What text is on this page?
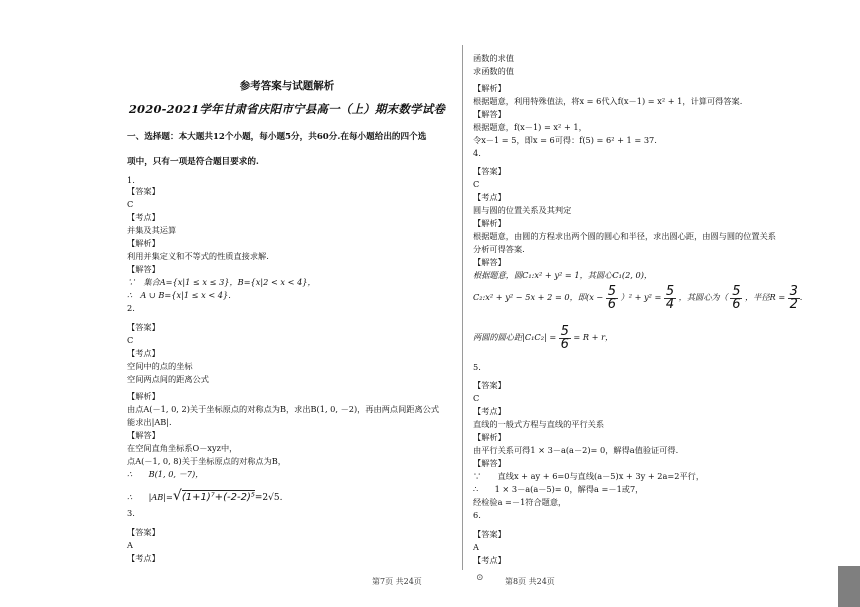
参考答案与试题解析
2020-2021学年甘肃省庆阳市宁县高一（上）期末数学试卷
一、选择题：本大题共12个小题，每小题5分，共60分.在每小题给出的四个选
项中，只有一项是符合题目要求的.
1.
【答案】
C
【考点】
并集及其运算
【解析】
利用并集定义和不等式的性质直接求解.
【解答】
∵　集合A={x|1 ≤ x ≤ 3}，B={x|2 < x < 4}，
∴　A ∪ B={x|1 ≤ x < 4}.
2.
【答案】
C
【考点】
空间中的点的坐标
空间两点间的距离公式
【解析】
由点A(－1, 0, 2)关于坐标原点的对称点为B，求出B(1, 0, －2)，再由两点间距离公式
能求出|AB|.
【解答】
在空间直角坐标系O－xyz中，
点A(－1, 0, 8)关于坐标原点的对称点为B，
∴　　B(1, 0, －7)，
∴　　|AB|=√(1+1)⁷+(-2-2)⁵=2√5.
3.
【答案】
A
【考点】
函数的求值
求函数的值
【解析】
根据题意，利用特殊值法，将x = 6代入f(x－1) = x² + 1，计算可得答案.
【解答】
根据题意，f(x－1) = x² + 1，
令x－1 = 5，即x = 6可得：f(5) = 6² + 1 = 37.
4.
【答案】
C
【考点】
圆与圆的位置关系及其判定
【解析】
根据题意，由圆的方程求出两个圆的圆心和半径，求出圆心距，由圆与圆的位置关系
分析可得答案.
【解答】
根据题意，圆C₁:x² + y² = 1，其圆心C₁(2, 0)，
C₂:x² + y² − 5x + 2 = 0，即$(x - \frac{5}{6} )^2 + y^2 = \frac{5}{4}$ ，其圆心为（ $\frac{5}{6}$ ，半径$R = \frac{3}{2}$ .
两圆的圆心距$|C_1C_2| = \frac{5}{6} = R + r$，
5.
【答案】
C
【考点】
直线的一般式方程与直线的平行关系
【解析】
由平行关系可得1 × 3－a(a－2)= 0，解得a值验证可得.
【解答】
∵　　直线x + ay + 6=0与直线(a－5)x + 3y + 2a=2平行，
∴　　1 × 3－a(a－5)= 0，解得a =－1或7，
经检验a =－1符合题意，
6.
【答案】
A
【考点】
第7页 共24页	⊙	第8页 共24页
